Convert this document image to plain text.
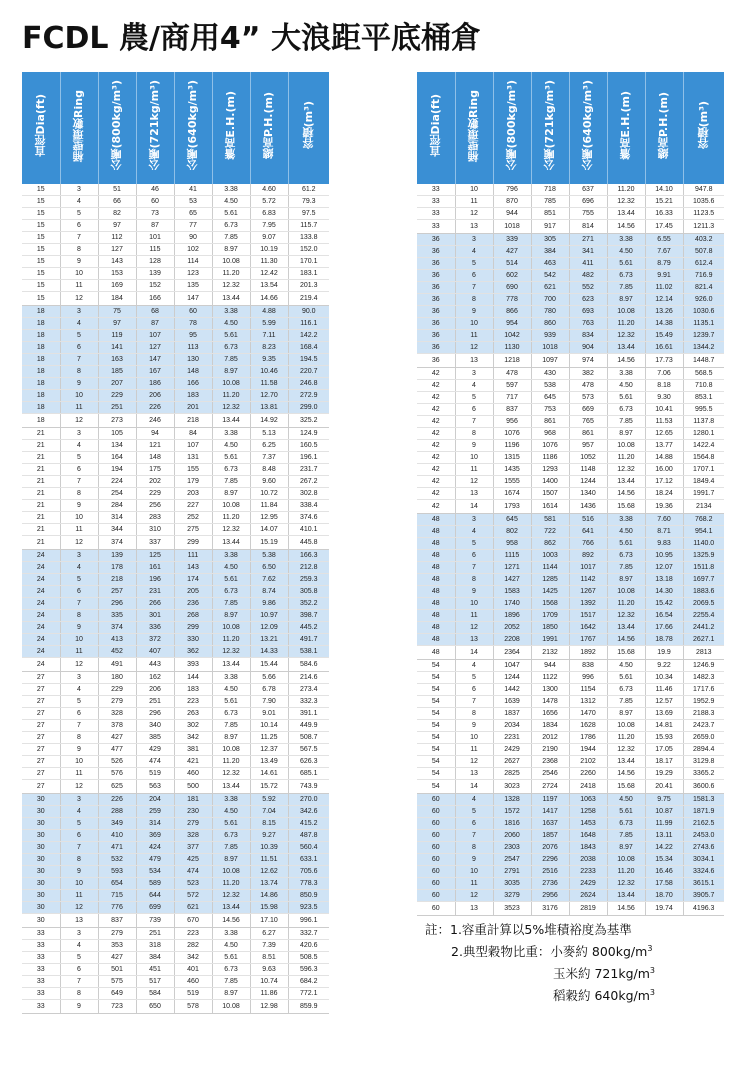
FCDL 農/商用4” 大浪距平底桶倉
直徑Dia(ft)	桶壁環數Ring	公噸(800kg/m³)	公噸(721kg/m³)	公噸(640kg/m³)	簷高E.H.(m)	總高P.H.(m)	容積(m³)
15	3	51	46	41	3.38	4.60	61.2
15	4	66	60	53	4.50	5.72	79.3
15	5	82	73	65	5.61	6.83	97.5
15	6	97	87	77	6.73	7.95	115.7
15	7	112	101	90	7.85	9.07	133.8
15	8	127	115	102	8.97	10.19	152.0
15	9	143	128	114	10.08	11.30	170.1
15	10	153	139	123	11.20	12.42	183.1
15	11	169	152	135	12.32	13.54	201.3
15	12	184	166	147	13.44	14.66	219.4
18	3	75	68	60	3.38	4.88	90.0
18	4	97	87	78	4.50	5.99	116.1
18	5	119	107	95	5.61	7.11	142.2
18	6	141	127	113	6.73	8.23	168.4
18	7	163	147	130	7.85	9.35	194.5
18	8	185	167	148	8.97	10.46	220.7
18	9	207	186	166	10.08	11.58	246.8
18	10	229	206	183	11.20	12.70	272.9
18	11	251	226	201	12.32	13.81	299.0
18	12	273	246	218	13.44	14.92	325.2
21	3	105	94	84	3.38	5.13	124.9
21	4	134	121	107	4.50	6.25	160.5
21	5	164	148	131	5.61	7.37	196.1
21	6	194	175	155	6.73	8.48	231.7
21	7	224	202	179	7.85	9.60	267.2
21	8	254	229	203	8.97	10.72	302.8
21	9	284	256	227	10.08	11.84	338.4
21	10	314	283	252	11.20	12.95	374.6
21	11	344	310	275	12.32	14.07	410.1
21	12	374	337	299	13.44	15.19	445.8
24	3	139	125	111	3.38	5.38	166.3
24	4	178	161	143	4.50	6.50	212.8
24	5	218	196	174	5.61	7.62	259.3
24	6	257	231	205	6.73	8.74	305.8
24	7	296	266	236	7.85	9.86	352.2
24	8	335	301	268	8.97	10.97	398.7
24	9	374	336	299	10.08	12.09	445.2
24	10	413	372	330	11.20	13.21	491.7
24	11	452	407	362	12.32	14.33	538.1
24	12	491	443	393	13.44	15.44	584.6
27	3	180	162	144	3.38	5.66	214.6
27	4	229	206	183	4.50	6.78	273.4
27	5	279	251	223	5.61	7.90	332.3
27	6	328	296	263	6.73	9.01	391.1
27	7	378	340	302	7.85	10.14	449.9
27	8	427	385	342	8.97	11.25	508.7
27	9	477	429	381	10.08	12.37	567.5
27	10	526	474	421	11.20	13.49	626.3
27	11	576	519	460	12.32	14.61	685.1
27	12	625	563	500	13.44	15.72	743.9
30	3	226	204	181	3.38	5.92	270.0
30	4	288	259	230	4.50	7.04	342.6
30	5	349	314	279	5.61	8.15	415.2
30	6	410	369	328	6.73	9.27	487.8
30	7	471	424	377	7.85	10.39	560.4
30	8	532	479	425	8.97	11.51	633.1
30	9	593	534	474	10.08	12.62	705.6
30	10	654	589	523	11.20	13.74	778.3
30	11	715	644	572	12.32	14.86	850.9
30	12	776	699	621	13.44	15.98	923.5
30	13	837	739	670	14.56	17.10	996.1
33	3	279	251	223	3.38	6.27	332.7
33	4	353	318	282	4.50	7.39	420.6
33	5	427	384	342	5.61	8.51	508.5
33	6	501	451	401	6.73	9.63	596.3
33	7	575	517	460	7.85	10.74	684.2
33	8	649	584	519	8.97	11.86	772.1
33	9	723	650	578	10.08	12.98	859.9
直徑Dia(ft)	桶壁環數Ring	公噸(800kg/m³)	公噸(721kg/m³)	公噸(640kg/m³)	簷高E.H.(m)	總高P.H.(m)	容積(m³)
33	10	796	718	637	11.20	14.10	947.8
33	11	870	785	696	12.32	15.21	1035.6
33	12	944	851	755	13.44	16.33	1123.5
33	13	1018	917	814	14.56	17.45	1211.3
36	3	339	305	271	3.38	6.55	403.2
36	4	427	384	341	4.50	7.67	507.8
36	5	514	463	411	5.61	8.79	612.4
36	6	602	542	482	6.73	9.91	716.9
36	7	690	621	552	7.85	11.02	821.4
36	8	778	700	623	8.97	12.14	926.0
36	9	866	780	693	10.08	13.26	1030.6
36	10	954	860	763	11.20	14.38	1135.1
36	11	1042	939	834	12.32	15.49	1239.7
36	12	1130	1018	904	13.44	16.61	1344.2
36	13	1218	1097	974	14.56	17.73	1448.7
42	3	478	430	382	3.38	7.06	568.5
42	4	597	538	478	4.50	8.18	710.8
42	5	717	645	573	5.61	9.30	853.1
42	6	837	753	669	6.73	10.41	995.5
42	7	956	861	765	7.85	11.53	1137.8
42	8	1076	968	861	8.97	12.65	1280.1
42	9	1196	1076	957	10.08	13.77	1422.4
42	10	1315	1186	1052	11.20	14.88	1564.8
42	11	1435	1293	1148	12.32	16.00	1707.1
42	12	1555	1400	1244	13.44	17.12	1849.4
42	13	1674	1507	1340	14.56	18.24	1991.7
42	14	1793	1614	1436	15.68	19.36	2134
48	3	645	581	516	3.38	7.60	768.2
48	4	802	722	641	4.50	8.71	954.1
48	5	958	862	766	5.61	9.83	1140.0
48	6	1115	1003	892	6.73	10.95	1325.9
48	7	1271	1144	1017	7.85	12.07	1511.8
48	8	1427	1285	1142	8.97	13.18	1697.7
48	9	1583	1425	1267	10.08	14.30	1883.6
48	10	1740	1568	1392	11.20	15.42	2069.5
48	11	1896	1709	1517	12.32	16.54	2255.4
48	12	2052	1850	1642	13.44	17.66	2441.2
48	13	2208	1991	1767	14.56	18.78	2627.1
48	14	2364	2132	1892	15.68	19.9	2813
54	4	1047	944	838	4.50	9.22	1246.9
54	5	1244	1122	996	5.61	10.34	1482.3
54	6	1442	1300	1154	6.73	11.46	1717.6
54	7	1639	1478	1312	7.85	12.57	1952.9
54	8	1837	1656	1470	8.97	13.69	2188.3
54	9	2034	1834	1628	10.08	14.81	2423.7
54	10	2231	2012	1786	11.20	15.93	2659.0
54	11	2429	2190	1944	12.32	17.05	2894.4
54	12	2627	2368	2102	13.44	18.17	3129.8
54	13	2825	2546	2260	14.56	19.29	3365.2
54	14	3023	2724	2418	15.68	20.41	3600.6
60	4	1328	1197	1063	4.50	9.75	1581.3
60	5	1572	1417	1258	5.61	10.87	1871.9
60	6	1816	1637	1453	6.73	11.99	2162.5
60	7	2060	1857	1648	7.85	13.11	2453.0
60	8	2303	2076	1843	8.97	14.22	2743.6
60	9	2547	2296	2038	10.08	15.34	3034.1
60	10	2791	2516	2233	11.20	16.46	3324.6
60	11	3035	2736	2429	12.32	17.58	3615.1
60	12	3279	2956	2624	13.44	18.70	3905.7
60	13	3523	3176	2819	14.56	19.74	4196.3
註：1.容重計算以5%堆積裕度為基準
2.典型穀物比重：小麥約 $800kg/m^3$
玉米約 $721kg/m^3$
稻穀約 $640kg/m^3$
